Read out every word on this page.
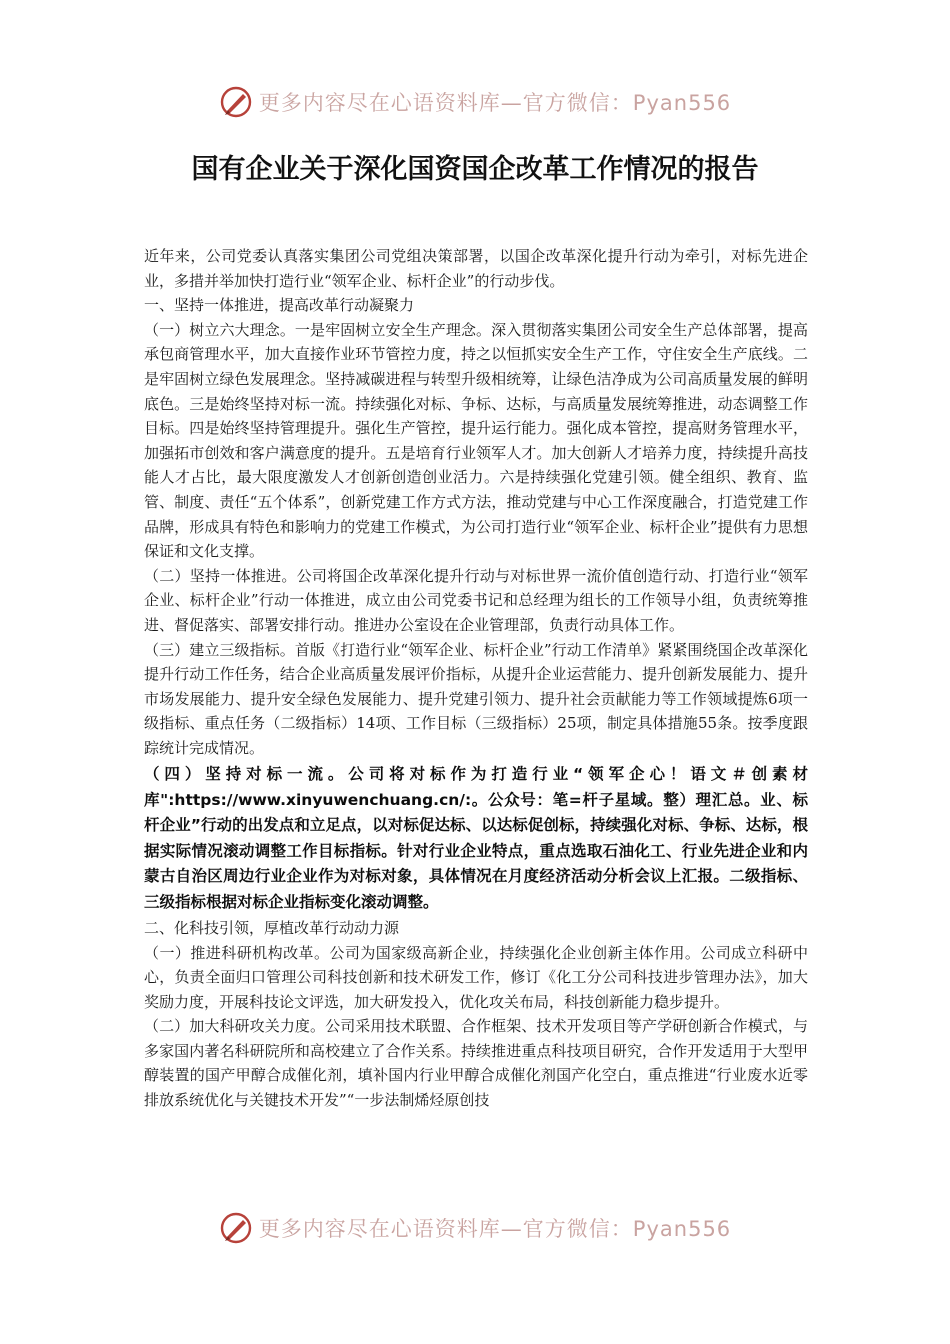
更多内容尽在心语资料库—官方微信：Pyan556
国有企业关于深化国资国企改革工作情况的报告

近年来，公司党委认真落实集团公司党组决策部署，以国企改革深化提升行动为牵引，对标先进企业，多措并举加快打造行业“领军企业、标杆企业”的行动步伐。

一、坚持一体推进，提高改革行动凝聚力

（一）树立六大理念。一是牢固树立安全生产理念。深入贯彻落实集团公司安全生产总体部署，提高承包商管理水平，加大直接作业环节管控力度，持之以恒抓实安全生产工作，守住安全生产底线。二是牢固树立绿色发展理念。坚持减碳进程与转型升级相统筹，让绿色洁净成为公司高质量发展的鲜明底色。三是始终坚持对标一流。持续强化对标、争标、达标，与高质量发展统筹推进，动态调整工作目标。四是始终坚持管理提升。强化生产管控，提升运行能力。强化成本管控，提高财务管理水平，加强拓市创效和客户满意度的提升。五是培育行业领军人才。加大创新人才培养力度，持续提升高技能人才占比，最大限度激发人才创新创造创业活力。六是持续强化党建引领。健全组织、教育、监管、制度、责任“五个体系”，创新党建工作方式方法，推动党建与中心工作深度融合，打造党建工作品牌，形成具有特色和影响力的党建工作模式，为公司打造行业“领军企业、标杆企业”提供有力思想保证和文化支撑。

（二）坚持一体推进。公司将国企改革深化提升行动与对标世界一流价值创造行动、打造行业“领军企业、标杆企业”行动一体推进，成立由公司党委书记和总经理为组长的工作领导小组，负责统筹推进、督促落实、部署安排行动。推进办公室设在企业管理部，负责行动具体工作。

（三）建立三级指标。首版《打造行业“领军企业、标杆企业”行动工作清单》紧紧围绕国企改革深化提升行动工作任务，结合企业高质量发展评价指标，从提升企业运营能力、提升创新发展能力、提升市场发展能力、提升安全绿色发展能力、提升党建引领力、提升社会贡献能力等工作领域提炼6项一级指标、重点任务（二级指标）14项、工作目标（三级指标）25项，制定具体措施55条。按季度跟踪统计完成情况。

（四）坚持对标一流。公司将对标作为打造行业“领军企心！语文＃创素材库":https://www.xinyuwenchuang.cn/:。公众号：笔=杆子星域。整）理汇总。业、标杆企业”行动的出发点和立足点，以对标促达标、以达标促创标，持续强化对标、争标、达标，根据实际情况滚动调整工作目标指标。针对行业企业特点，重点选取石油化工、行业先进企业和内蒙古自治区周边行业企业作为对标对象，具体情况在月度经济活动分析会议上汇报。二级指标、三级指标根据对标企业指标变化滚动调整。

二、化科技引领，厚植改革行动动力源

（一）推进科研机构改革。公司为国家级高新企业，持续强化企业创新主体作用。公司成立科研中心，负责全面归口管理公司科技创新和技术研发工作，修订《化工分公司科技进步管理办法》，加大奖励力度，开展科技论文评选，加大研发投入，优化攻关布局，科技创新能力稳步提升。

（二）加大科研攻关力度。公司采用技术联盟、合作框架、技术开发项目等产学研创新合作模式，与多家国内著名科研院所和高校建立了合作关系。持续推进重点科技项目研究，合作开发适用于大型甲醇装置的国产甲醇合成催化剂，填补国内行业甲醇合成催化剂国产化空白，重点推进“行业废水近零排放系统优化与关键技术开发”“一步法制烯烃原创技

更多内容尽在心语资料库—官方微信：Pyan556
